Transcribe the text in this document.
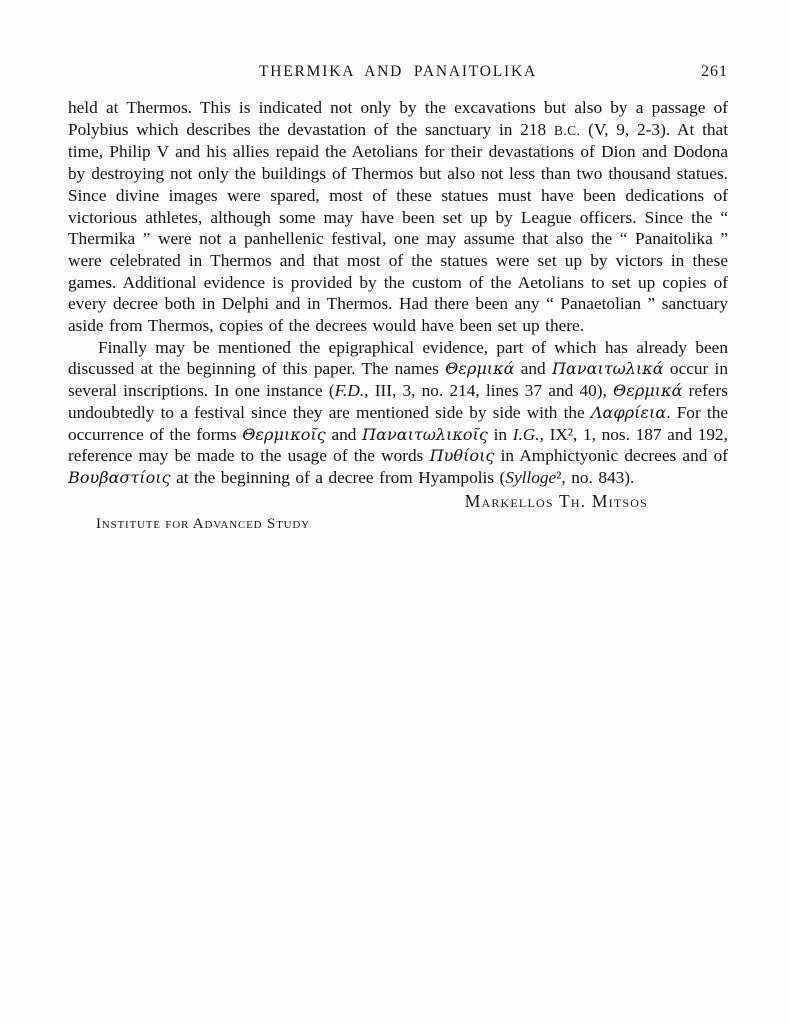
THERMIKA AND PANAITOLIKA	261

held at Thermos. This is indicated not only by the excavations but also by a passage of Polybius which describes the devastation of the sanctuary in 218 B.C. (V, 9, 2-3). At that time, Philip V and his allies repaid the Aetolians for their devastations of Dion and Dodona by destroying not only the buildings of Thermos but also not less than two thousand statues. Since divine images were spared, most of these statues must have been dedications of victorious athletes, although some may have been set up by League officers. Since the “ Thermika ” were not a panhellenic festival, one may assume that also the “ Panaitolika ” were celebrated in Thermos and that most of the statues were set up by victors in these games. Additional evidence is provided by the custom of the Aetolians to set up copies of every decree both in Delphi and in Thermos. Had there been any “ Panaetolian ” sanctuary aside from Thermos, copies of the decrees would have been set up there.

Finally may be mentioned the epigraphical evidence, part of which has already been discussed at the beginning of this paper. The names Θερμικά and Παναιτωλικά occur in several inscriptions. In one instance (F.D., III, 3, no. 214, lines 37 and 40), Θερμικά refers undoubtedly to a festival since they are mentioned side by side with the Λαφρίεια. For the occurrence of the forms Θερμικοῖς and Παναιτωλικοῖς in I.G., IX², 1, nos. 187 and 192, reference may be made to the usage of the words Πυθίοις in Amphictyonic decrees and of Βουβαστίοις at the beginning of a decree from Hyampolis (Sylloge², no. 843).

Markellos Th. Mitsos
Institute for Advanced Study
